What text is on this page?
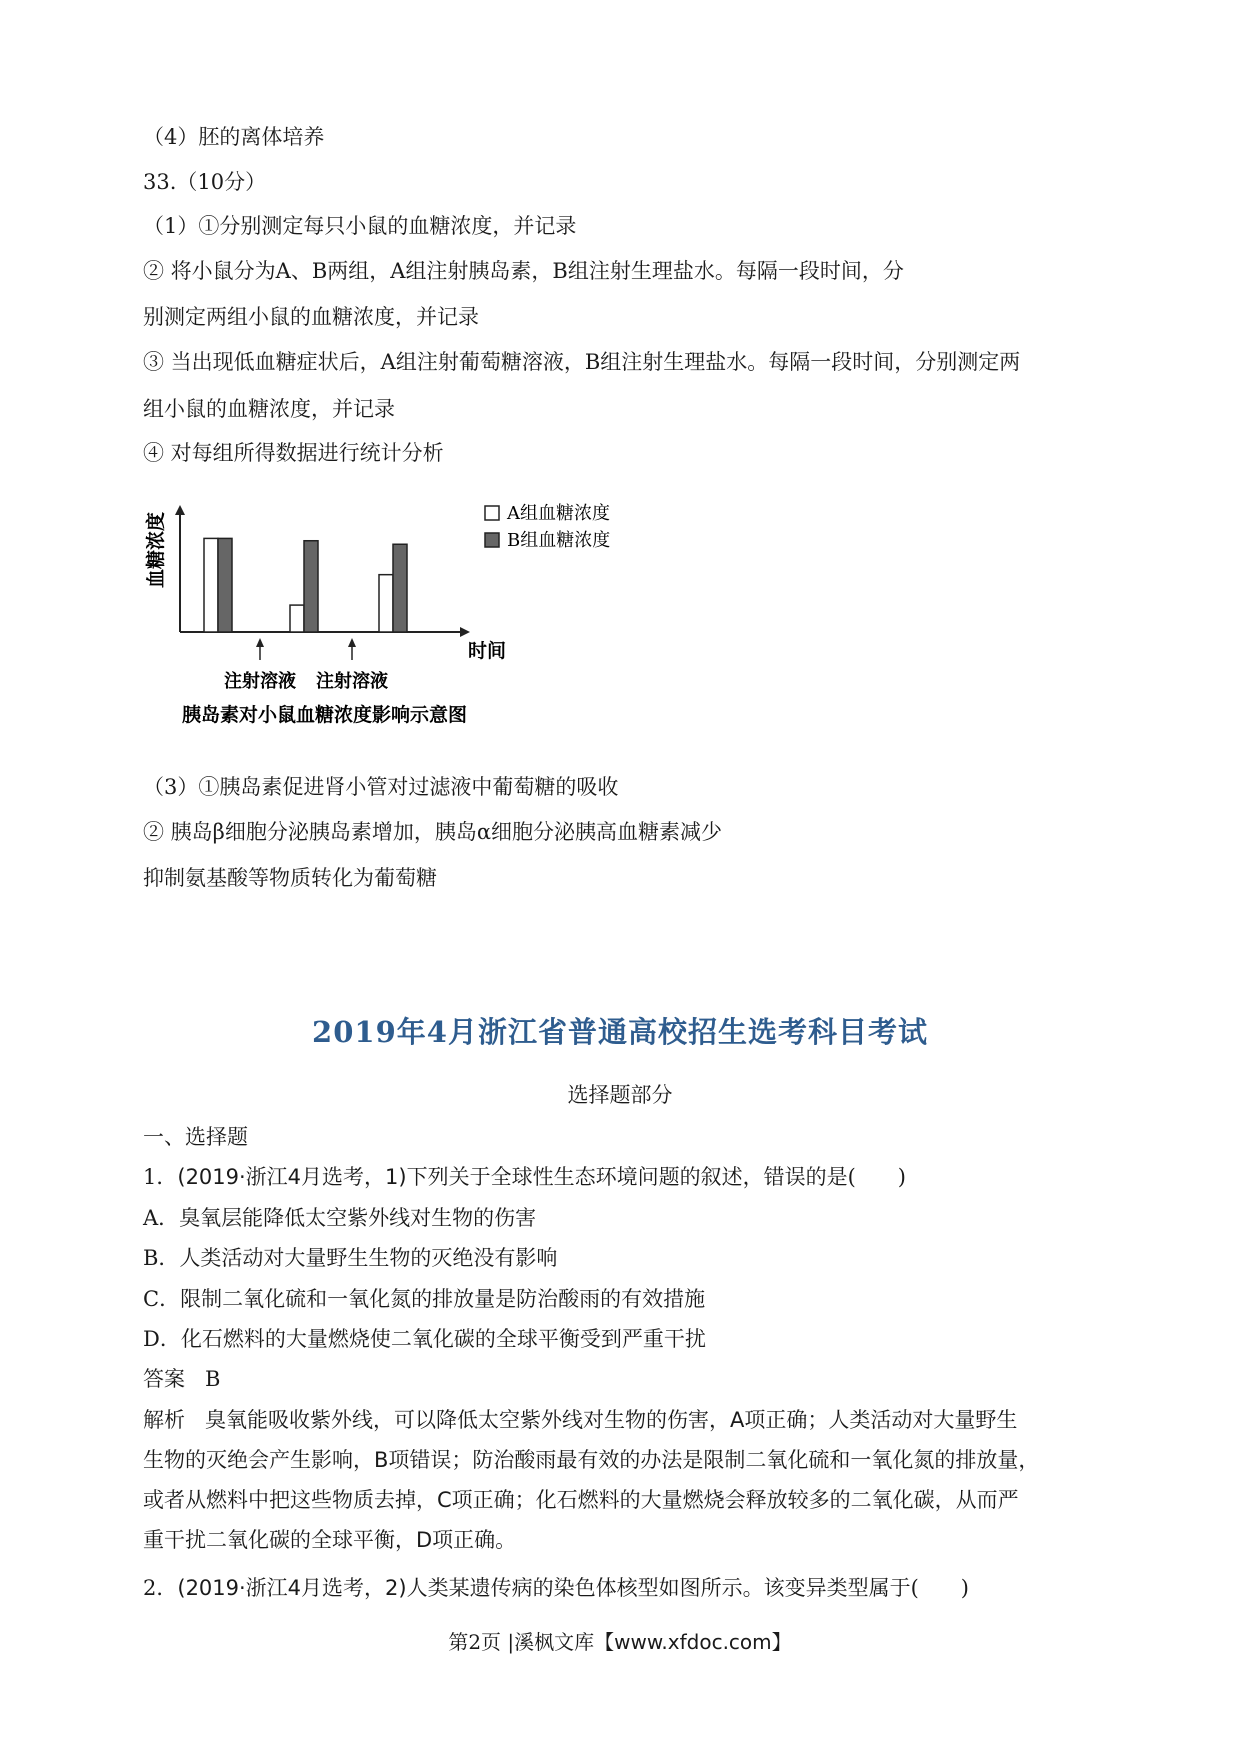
（4）胚的离体培养
33.（10分）
（1）①分别测定每只小鼠的血糖浓度，并记录
② 将小鼠分为A、B两组，A组注射胰岛素，B组注射生理盐水。每隔一段时间，分
别测定两组小鼠的血糖浓度，并记录
③ 当出现低血糖症状后，A组注射葡萄糖溶液，B组注射生理盐水。每隔一段时间，分别测定两
组小鼠的血糖浓度，并记录
④ 对每组所得数据进行统计分析
注射溶液 注射溶液
A组血糖浓度
B组血糖浓度
血糖浓度
时间
胰岛素对小鼠血糖浓度影响示意图
（3）①胰岛素促进肾小管对过滤液中葡萄糖的吸收
② 胰岛β细胞分泌胰岛素增加，胰岛α细胞分泌胰高血糖素减少
抑制氨基酸等物质转化为葡萄糖
2019年4月浙江省普通高校招生选考科目考试
选择题部分
一、选择题
1．(2019·浙江4月选考，1)下列关于全球性生态环境问题的叙述，错误的是(　　)
A．臭氧层能降低太空紫外线对生物的伤害
B．人类活动对大量野生生物的灭绝没有影响
C．限制二氧化硫和一氧化氮的排放量是防治酸雨的有效措施
D．化石燃料的大量燃烧使二氧化碳的全球平衡受到严重干扰
答案 B
解析 臭氧能吸收紫外线，可以降低太空紫外线对生物的伤害，A项正确；人类活动对大量野生
生物的灭绝会产生影响，B项错误；防治酸雨最有效的办法是限制二氧化硫和一氧化氮的排放量，
或者从燃料中把这些物质去掉，C项正确；化石燃料的大量燃烧会释放较多的二氧化碳，从而严
重干扰二氧化碳的全球平衡，D项正确。
2．(2019·浙江4月选考，2)人类某遗传病的染色体核型如图所示。该变异类型属于(　　)
第2页 |溪枫文库【www.xfdoc.com】
